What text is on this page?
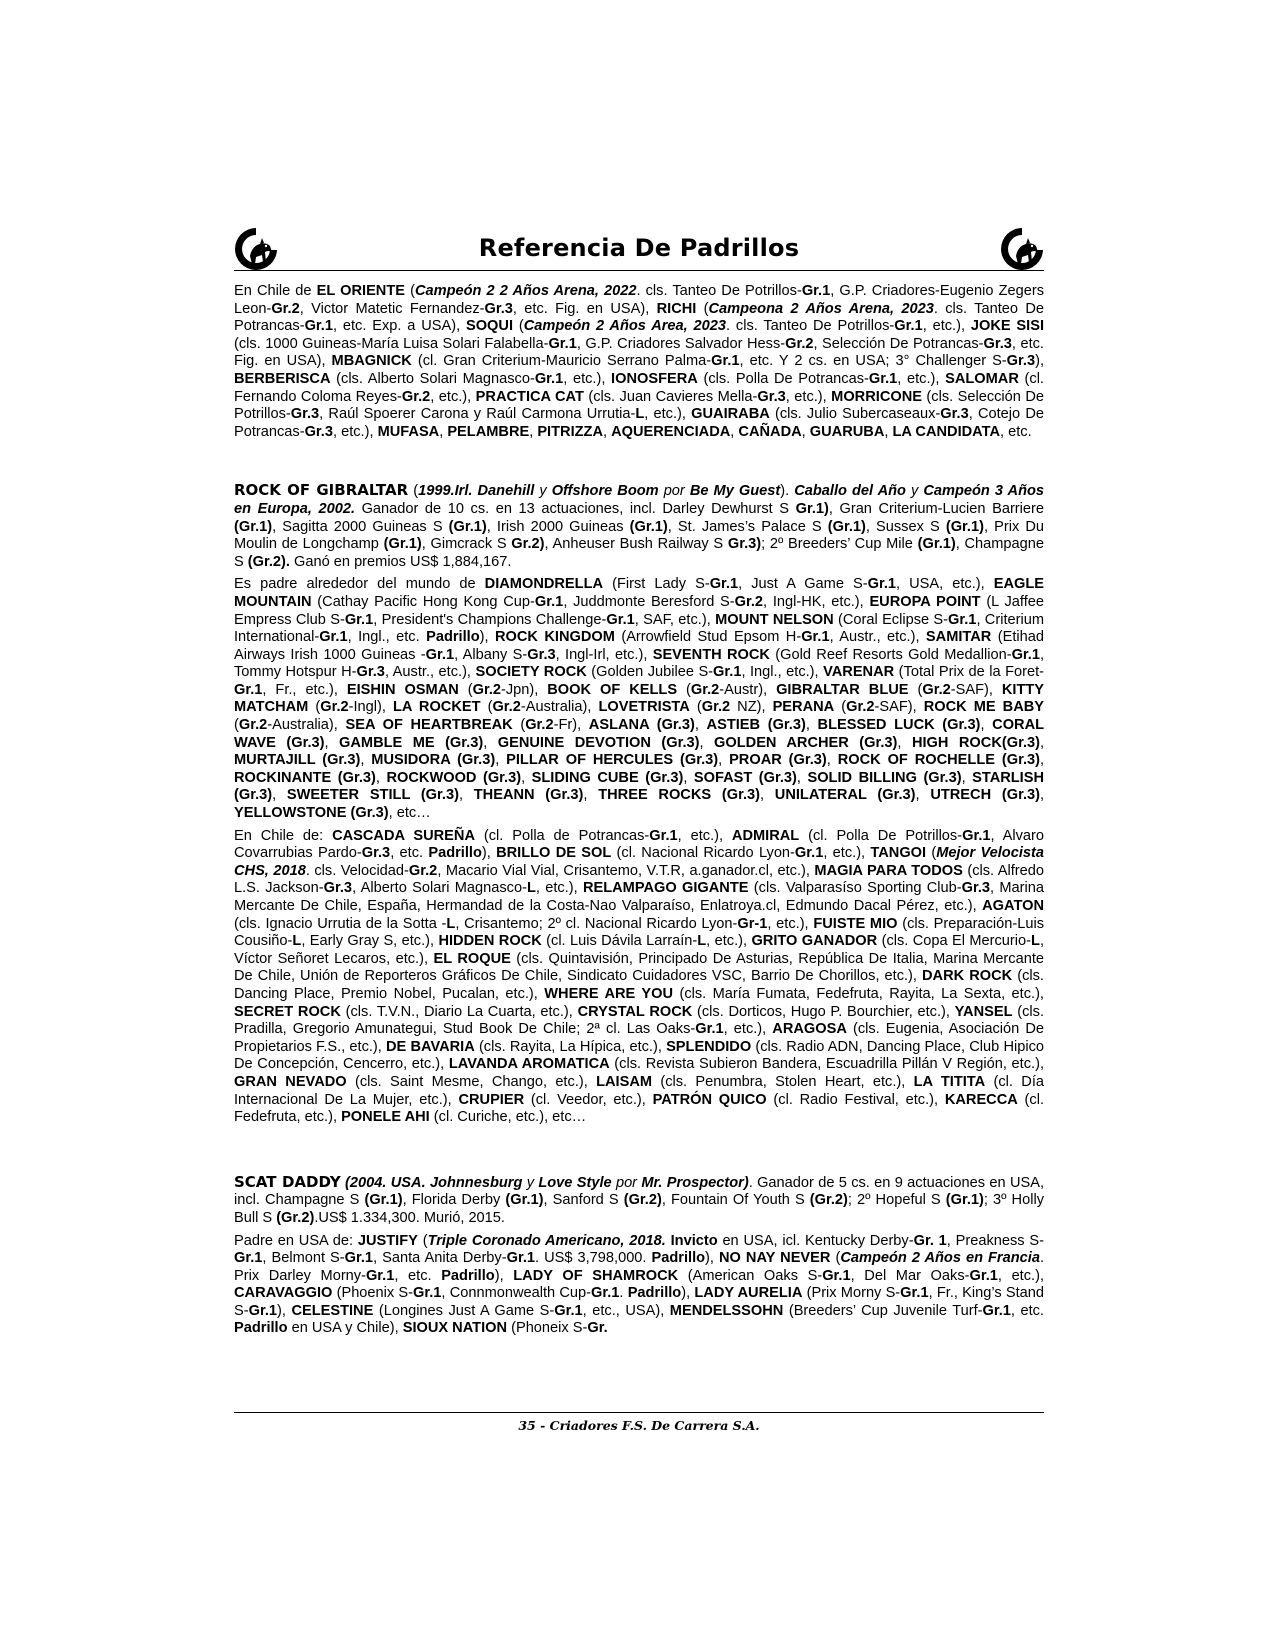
Referencia De Padrillos

En Chile de EL ORIENTE (Campeón 2 2 Años Arena, 2022. cls. Tanteo De Potrillos-Gr.1, G.P. Criadores-Eugenio Zegers Leon-Gr.2, Victor Matetic Fernandez-Gr.3, etc. Fig. en USA), RICHI (Campeona 2 Años Arena, 2023. cls. Tanteo De Potrancas-Gr.1, etc. Exp. a USA), SOQUI (Campeón 2 Años Area, 2023. cls. Tanteo De Potrillos-Gr.1, etc.), JOKE SISI (cls. 1000 Guineas-María Luisa Solari Falabella-Gr.1, G.P. Criadores Salvador Hess-Gr.2, Selección De Potrancas-Gr.3, etc. Fig. en USA), MBAGNICK (cl. Gran Criterium-Mauricio Serrano Palma-Gr.1, etc. Y 2 cs. en USA; 3° Challenger S-Gr.3), BERBERISCA (cls. Alberto Solari Magnasco-Gr.1, etc.), IONOSFERA (cls. Polla De Potrancas-Gr.1, etc.), SALOMAR (cl. Fernando Coloma Reyes-Gr.2, etc.), PRACTICA CAT (cls. Juan Cavieres Mella-Gr.3, etc.), MORRICONE (cls. Selección De Potrillos-Gr.3, Raúl Spoerer Carona y Raúl Carmona Urrutia-L, etc.), GUAIRABA (cls. Julio Subercaseaux-Gr.3, Cotejo De Potrancas-Gr.3, etc.), MUFASA, PELAMBRE, PITRIZZA, AQUERENCIADA, CAÑADA, GUARUBA, LA CANDIDATA, etc.

ROCK OF GIBRALTAR (1999.Irl. Danehill y Offshore Boom por Be My Guest). Caballo del Año y Campeón 3 Años en Europa, 2002. Ganador de 10 cs. en 13 actuaciones, incl. Darley Dewhurst S Gr.1), Gran Criterium-Lucien Barriere (Gr.1), Sagitta 2000 Guineas S (Gr.1), Irish 2000 Guineas (Gr.1), St. James’s Palace S (Gr.1), Sussex S (Gr.1), Prix Du Moulin de Longchamp (Gr.1), Gimcrack S Gr.2), Anheuser Bush Railway S Gr.3); 2º Breeders’ Cup Mile (Gr.1), Champagne S (Gr.2). Ganó en premios US$ 1,884,167.

Es padre alrededor del mundo de DIAMONDRELLA (First Lady S-Gr.1, Just A Game S-Gr.1, USA, etc.), EAGLE MOUNTAIN (Cathay Pacific Hong Kong Cup-Gr.1, Juddmonte Beresford S-Gr.2, Ingl-HK, etc.), EUROPA POINT (L Jaffee Empress Club S-Gr.1, President's Champions Challenge-Gr.1, SAF, etc.), MOUNT NELSON (Coral Eclipse S-Gr.1, Criterium International-Gr.1, Ingl., etc. Padrillo), ROCK KINGDOM (Arrowfield Stud Epsom H-Gr.1, Austr., etc.), SAMITAR (Etihad Airways Irish 1000 Guineas -Gr.1, Albany S-Gr.3, Ingl-Irl, etc.), SEVENTH ROCK (Gold Reef Resorts Gold Medallion-Gr.1, Tommy Hotspur H-Gr.3, Austr., etc.), SOCIETY ROCK (Golden Jubilee S-Gr.1, Ingl., etc.), VARENAR (Total Prix de la Foret-Gr.1, Fr., etc.), EISHIN OSMAN (Gr.2-Jpn), BOOK OF KELLS (Gr.2-Austr), GIBRALTAR BLUE (Gr.2-SAF), KITTY MATCHAM (Gr.2-Ingl), LA ROCKET (Gr.2-Australia), LOVETRISTA (Gr.2 NZ), PERANA (Gr.2-SAF), ROCK ME BABY (Gr.2-Australia), SEA OF HEARTBREAK (Gr.2-Fr), ASLANA (Gr.3), ASTIEB (Gr.3), BLESSED LUCK (Gr.3), CORAL WAVE (Gr.3), GAMBLE ME (Gr.3), GENUINE DEVOTION (Gr.3), GOLDEN ARCHER (Gr.3), HIGH ROCK(Gr.3), MURTAJILL (Gr.3), MUSIDORA (Gr.3), PILLAR OF HERCULES (Gr.3), PROAR (Gr.3), ROCK OF ROCHELLE (Gr.3), ROCKINANTE (Gr.3), ROCKWOOD (Gr.3), SLIDING CUBE (Gr.3), SOFAST (Gr.3), SOLID BILLING (Gr.3), STARLISH (Gr.3), SWEETER STILL (Gr.3), THEANN (Gr.3), THREE ROCKS (Gr.3), UNILATERAL (Gr.3), UTRECH (Gr.3), YELLOWSTONE (Gr.3), etc…

En Chile de: CASCADA SUREÑA (cl. Polla de Potrancas-Gr.1, etc.), ADMIRAL (cl. Polla De Potrillos-Gr.1, Alvaro Covarrubias Pardo-Gr.3, etc. Padrillo), BRILLO DE SOL (cl. Nacional Ricardo Lyon-Gr.1, etc.), TANGOI (Mejor Velocista CHS, 2018. cls. Velocidad-Gr.2, Macario Vial Vial, Crisantemo, V.T.R, a.ganador.cl, etc.), MAGIA PARA TODOS (cls. Alfredo L.S. Jackson-Gr.3, Alberto Solari Magnasco-L, etc.), RELAMPAGO GIGANTE (cls. Valparasíso Sporting Club-Gr.3, Marina Mercante De Chile, España, Hermandad de la Costa-Nao Valparaíso, Enlatroya.cl, Edmundo Dacal Pérez, etc.), AGATON (cls. Ignacio Urrutia de la Sotta -L, Crisantemo; 2º cl. Nacional Ricardo Lyon-Gr-1, etc.), FUISTE MIO (cls. Preparación-Luis Cousiño-L, Early Gray S, etc.), HIDDEN ROCK (cl. Luis Dávila Larraín-L, etc.), GRITO GANADOR (cls. Copa El Mercurio-L, Víctor Señoret Lecaros, etc.), EL ROQUE (cls. Quintavisión, Principado De Asturias, República De Italia, Marina Mercante De Chile, Unión de Reporteros Gráficos De Chile, Sindicato Cuidadores VSC, Barrio De Chorillos, etc.), DARK ROCK (cls. Dancing Place, Premio Nobel, Pucalan, etc.), WHERE ARE YOU (cls. María Fumata, Fedefruta, Rayita, La Sexta, etc.), SECRET ROCK (cls. T.V.N., Diario La Cuarta, etc.), CRYSTAL ROCK (cls. Dorticos, Hugo P. Bourchier, etc.), YANSEL (cls. Pradilla, Gregorio Amunategui, Stud Book De Chile; 2ª cl. Las Oaks-Gr.1, etc.), ARAGOSA (cls. Eugenia, Asociación De Propietarios F.S., etc.), DE BAVARIA (cls. Rayita, La Hípica, etc.), SPLENDIDO (cls. Radio ADN, Dancing Place, Club Hipico De Concepción, Cencerro, etc.), LAVANDA AROMATICA (cls. Revista Subieron Bandera, Escuadrilla Pillán V Región, etc.), GRAN NEVADO (cls. Saint Mesme, Chango, etc.), LAISAM (cls. Penumbra, Stolen Heart, etc.), LA TITITA (cl. Día Internacional De La Mujer, etc.), CRUPIER (cl. Veedor, etc.), PATRÓN QUICO (cl. Radio Festival, etc.), KARECCA (cl. Fedefruta, etc.), PONELE AHI (cl. Curiche, etc.), etc…

SCAT DADDY (2004. USA. Johnnesburg y Love Style por Mr. Prospector). Ganador de 5 cs. en 9 actuaciones en USA, incl. Champagne S (Gr.1), Florida Derby (Gr.1), Sanford S (Gr.2), Fountain Of Youth S (Gr.2); 2º Hopeful S (Gr.1); 3º Holly Bull S (Gr.2).US$ 1.334,300. Murió, 2015.

Padre en USA de: JUSTIFY (Triple Coronado Americano, 2018. Invicto en USA, icl. Kentucky Derby-Gr. 1, Preakness S-Gr.1, Belmont S-Gr.1, Santa Anita Derby-Gr.1. US$ 3,798,000. Padrillo), NO NAY NEVER (Campeón 2 Años en Francia. Prix Darley Morny-Gr.1, etc. Padrillo), LADY OF SHAMROCK (American Oaks S-Gr.1, Del Mar Oaks-Gr.1, etc.), CARAVAGGIO (Phoenix S-Gr.1, Connmonwealth Cup-Gr.1. Padrillo), LADY AURELIA (Prix Morny S-Gr.1, Fr., King’s Stand S-Gr.1), CELESTINE (Longines Just A Game S-Gr.1, etc., USA), MENDELSSOHN (Breeders’ Cup Juvenile Turf-Gr.1, etc. Padrillo en USA y Chile), SIOUX NATION (Phoneix S-Gr.

35 - Criadores F.S. De Carrera S.A.
